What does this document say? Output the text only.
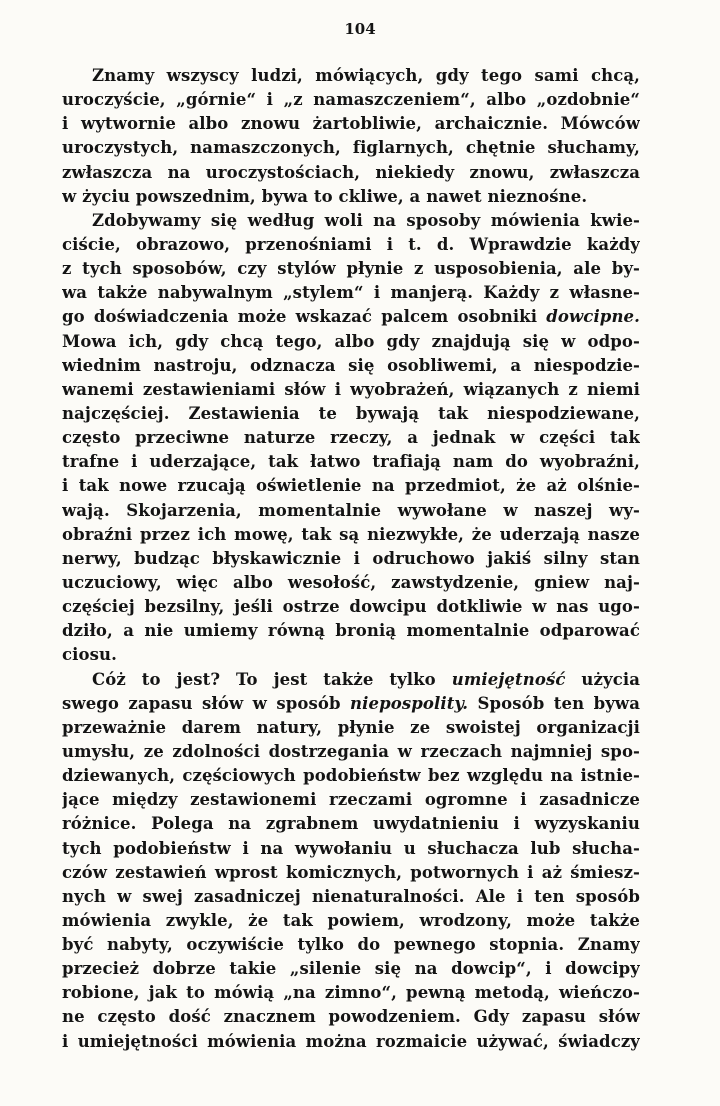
104
Znamy wszyscy ludzi, mówiących, gdy tego sami chcą,
uroczyście, „górnie“ i „z namaszczeniem“, albo „ozdobnie“
i wytwornie albo znowu żartobliwie, archaicznie. Mówców
uroczystych, namaszczonych, figlarnych, chętnie słuchamy,
zwłaszcza na uroczystościach, niekiedy znowu, zwłaszcza
w życiu powszednim, bywa to ckliwe, a nawet nieznośne.
Zdobywamy się według woli na sposoby mówienia kwie-
ciście, obrazowo, przenośniami i t. d. Wprawdzie każdy
z tych sposobów, czy stylów płynie z usposobienia, ale by-
wa także nabywalnym „stylem“ i manjerą. Każdy z własne-
go doświadczenia może wskazać palcem osobniki dowcipne.
Mowa ich, gdy chcą tego, albo gdy znajdują się w odpo-
wiednim nastroju, odznacza się osobliwemi, a niespodzie-
wanemi zestawieniami słów i wyobrażeń, wiązanych z niemi
najczęściej. Zestawienia te bywają tak niespodziewane,
często przeciwne naturze rzeczy, a jednak w części tak
trafne i uderzające, tak łatwo trafiają nam do wyobraźni,
i tak nowe rzucają oświetlenie na przedmiot, że aż olśnie-
wają. Skojarzenia, momentalnie wywołane w naszej wy-
obraźni przez ich mowę, tak są niezwykłe, że uderzają nasze
nerwy, budząc błyskawicznie i odruchowo jakiś silny stan
uczuciowy, więc albo wesołość, zawstydzenie, gniew naj-
częściej bezsilny, jeśli ostrze dowcipu dotkliwie w nas ugo-
dziło, a nie umiemy równą bronią momentalnie odparować
ciosu.
Cóż to jest? To jest także tylko umiejętność użycia
swego zapasu słów w sposób niepospolity. Sposób ten bywa
przeważnie darem natury, płynie ze swoistej organizacji
umysłu, ze zdolności dostrzegania w rzeczach najmniej spo-
dziewanych, częściowych podobieństw bez względu na istnie-
jące między zestawionemi rzeczami ogromne i zasadnicze
różnice. Polega na zgrabnem uwydatnieniu i wyzyskaniu
tych podobieństw i na wywołaniu u słuchacza lub słucha-
czów zestawień wprost komicznych, potwornych i aż śmiesz-
nych w swej zasadniczej nienaturalności. Ale i ten sposób
mówienia zwykle, że tak powiem, wrodzony, może także
być nabyty, oczywiście tylko do pewnego stopnia. Znamy
przecież dobrze takie „silenie się na dowcip“, i dowcipy
robione, jak to mówią „na zimno“, pewną metodą, wieńczo-
ne często dość znacznem powodzeniem. Gdy zapasu słów
i umiejętności mówienia można rozmaicie używać, świadczy
